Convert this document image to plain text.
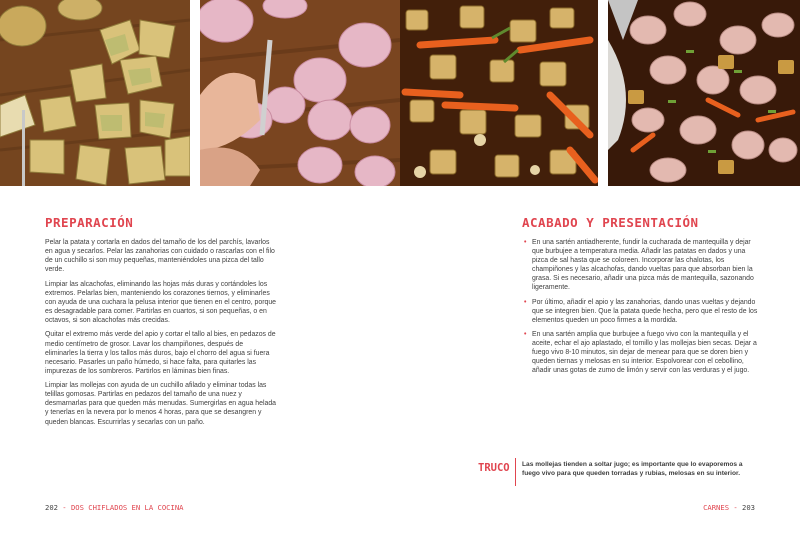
PREPARACIÓN

Pelar la patata y cortarla en dados del tamaño de los del parchís, lavarlos en agua y secarlos. Pelar las zanahorias con cuidado o rascarlas con el filo de un cuchillo si son muy pequeñas, manteniéndoles una pizca del tallo verde.

Limpiar las alcachofas, eliminando las hojas más duras y cortándoles los extremos. Pelarlas bien, manteniendo los corazones tiernos, y eliminarles con ayuda de una cuchara la pelusa interior que tienen en el centro, porque es desagradable para comer. Partirlas en cuartos, si son pequeñas, o en octavos, si son alcachofas más crecidas.

Quitar el extremo más verde del apio y cortar el tallo al bies, en pedazos de medio centímetro de grosor. Lavar los champiñones, después de eliminarles la tierra y los tallos más duros, bajo el chorro del agua si fuera necesario. Pasarles un paño húmedo, si hace falta, para quitarles las impurezas de los sombreros. Partirlos en láminas bien finas.

Limpiar las mollejas con ayuda de un cuchillo afilado y eliminar todas las telillas gomosas. Partirlas en pedazos del tamaño de una nuez y desmarnarlas para que queden más menudas. Sumergirlas en agua helada y tenerlas en la nevera por lo menos 4 horas, para que se desangren y queden blancas. Escurrirlas y secarlas con un paño.

202 - DOS CHIFLADOS EN LA COCINA
ACABADO Y PRESENTACIÓN
• En una sartén antiadherente, fundir la cucharada de mantequilla y dejar que burbujee a temperatura media. Añadir las patatas en dados y una pizca de sal hasta que se coloreen. Incorporar las chalotas, los champiñones y las alcachofas, dando vueltas para que absorban bien la grasa. Si es necesario, añadir una pizca más de mantequilla, sazonando ligeramente.
• Por último, añadir el apio y las zanahorias, dando unas vueltas y dejando que se integren bien. Que la patata quede hecha, pero que el resto de los elementos queden un poco firmes a la mordida.
• En una sartén amplia que burbujee a fuego vivo con la mantequilla y el aceite, echar el ajo aplastado, el tomillo y las mollejas bien secas. Dejar a fuego vivo 8-10 minutos, sin dejar de menear para que se doren bien y queden tiernas y melosas en su interior. Espolvorear con el cebollino, añadir unas gotas de zumo de limón y servir con las verduras y el jugo.
TRUCO Las mollejas tienden a soltar jugo; es importante que lo evaporemos a fuego vivo para que queden torradas y rubias, melosas en su interior.
CARNES - 203
